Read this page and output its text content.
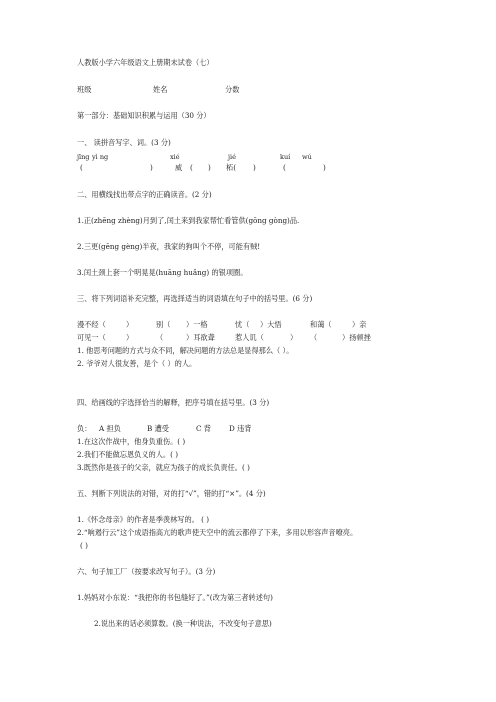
人教版小学六年级语文上册期末试卷（七）
班级	姓名	分数
第一部分：基础知识积累与运用（30 分）
一、 读拼音写字、词。(3 分)
jīng yì ng	xié	jié	kuí wú
(	)	威 ( ) 柘( )	(	)
二、用横线找出带点字的正确读音。(2 分)
1.正(zhēng zhèng)月到了,闰土来到我家帮忙看管供(gōng gòng)品.
2.三更(gēng gèng)半夜，我家的狗叫个不停，可能有贼!
3.闰土颈上套一个明晃晃(huāng huǎng) 的银项圈。
三、将下列词语补充完整，再选择适当的词语填在句子中的括号里。(6 分)
漫不经（	）	别（ ）一格	忧（ ）大悟	和蔼（	）亲
可见一（	）	（	）耳欲聋	惹人讥（	） （	）扬顿挫
1. 他思考问题的方式与众不同，解决问题的方法总是显得那么（ ）。
2. 爷爷对人很友善，是个（ ）的人。
四、给画线的字选择恰当的解释，把序号填在括号里。(3 分)
负： A 担负	B 遭受	C 背	D 违背
1.在这次作战中，他身负重伤。( )
2.我们不能做忘恩负义的人。( )
3.既然你是孩子的父亲，就应为孩子的成长负责任。( )
五、判断下列说法的对错，对的打“√”，错的打“×”。(4 分)
1.《怀念母亲》的作者是季羡林写的。 ( )
2.“响遏行云”这个成语指高亢的歌声使天空中的流云都停了下来，多用以形容声音嘹亮。
( )
六、句子加工厂（按要求改写句子）。(3 分)
1.妈妈对小东说：“我把你的书包缝好了。”(改为第三者转述句)
2.说出来的话必须算数。(换一种说法，不改变句子意思)
